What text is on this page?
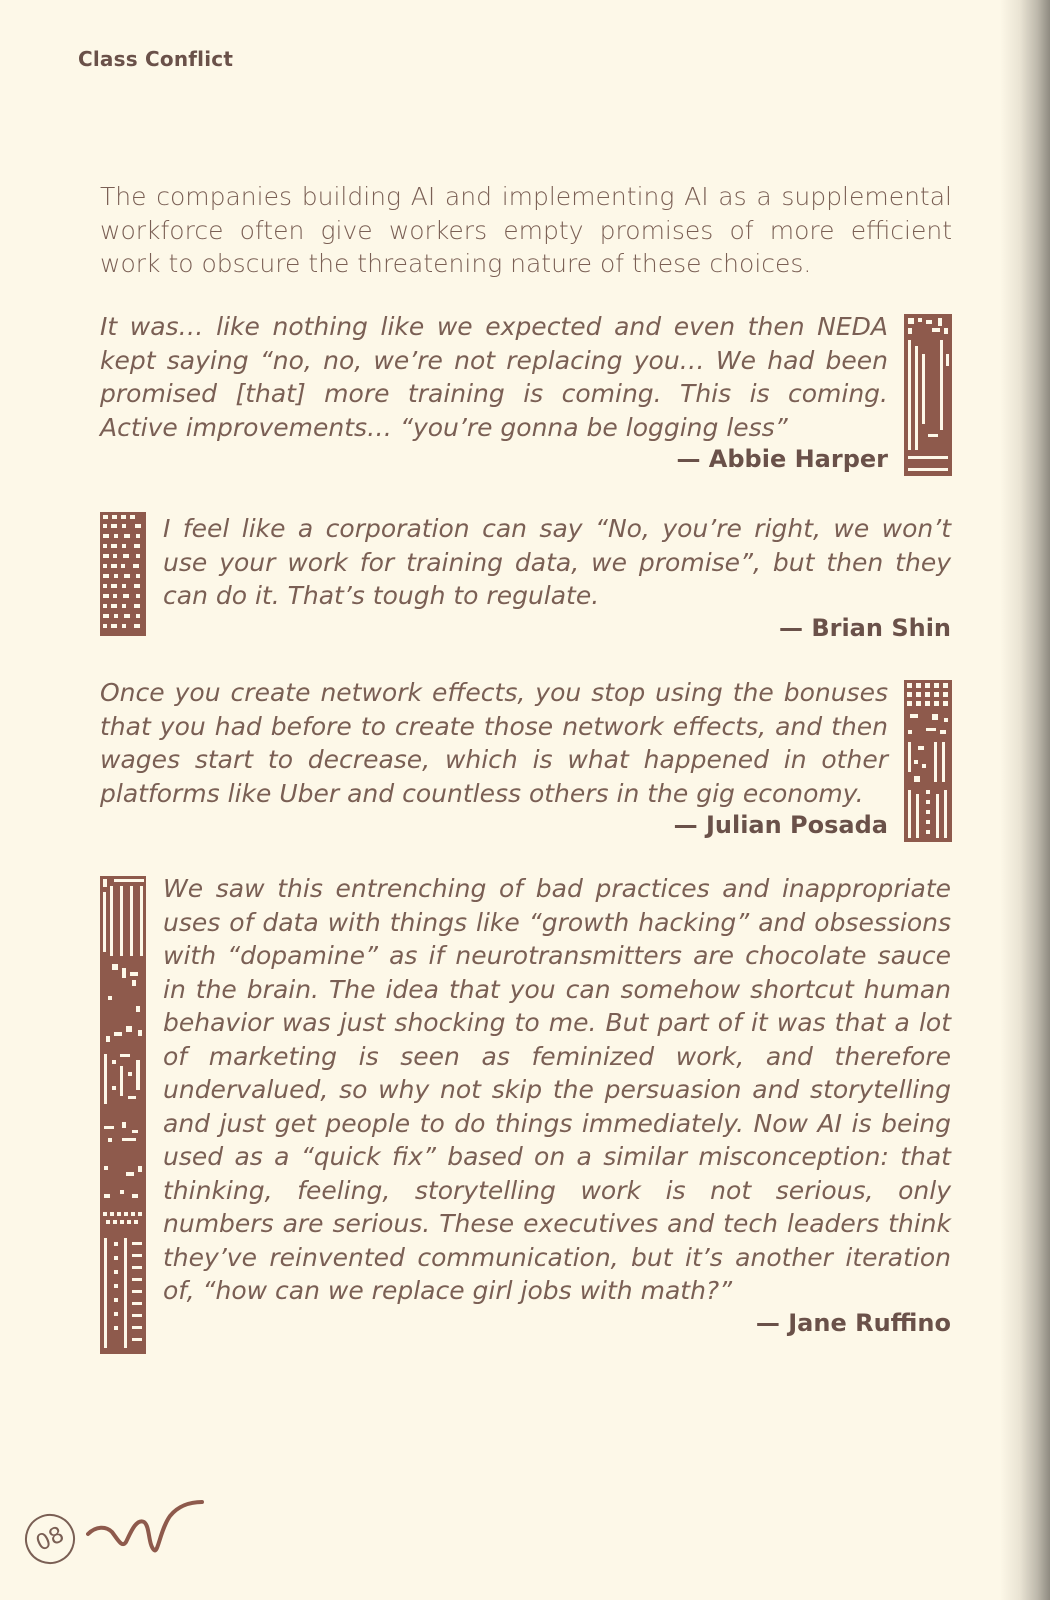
Class Conflict

The companies building AI and implementing AI as a supplemental workforce often give workers empty promises of more efficient work to obscure the threatening nature of these choices.

It was… like nothing like we expected and even then NEDA kept saying “no, no, we’re not replacing you… We had been promised [that] more training is coming. This is coming. Active improvements… “you’re gonna be logging less”

— Abbie Harper

I feel like a corporation can say “No, you’re right, we won’t use your work for training data, we promise”, but then they can do it. That’s tough to regulate.

— Brian Shin

Once you create network effects, you stop using the bonuses that you had before to create those network effects, and then wages start to decrease, which is what happened in other platforms like Uber and countless others in the gig economy.

— Julian Posada

We saw this entrenching of bad practices and inappropriate uses of data with things like “growth hacking” and obsessions with “dopamine” as if neurotransmitters are chocolate sauce in the brain. The idea that you can somehow shortcut human behavior was just shocking to me. But part of it was that a lot of marketing is seen as feminized work, and therefore undervalued, so why not skip the persuasion and storytelling and just get people to do things immediately. Now AI is being used as a “quick fix” based on a similar misconception: that thinking, feeling, storytelling work is not serious, only numbers are serious. These executives and tech leaders think they’ve reinvented communication, but it’s another iteration of, “how can we replace girl jobs with math?”

— Jane Ruffino
08
